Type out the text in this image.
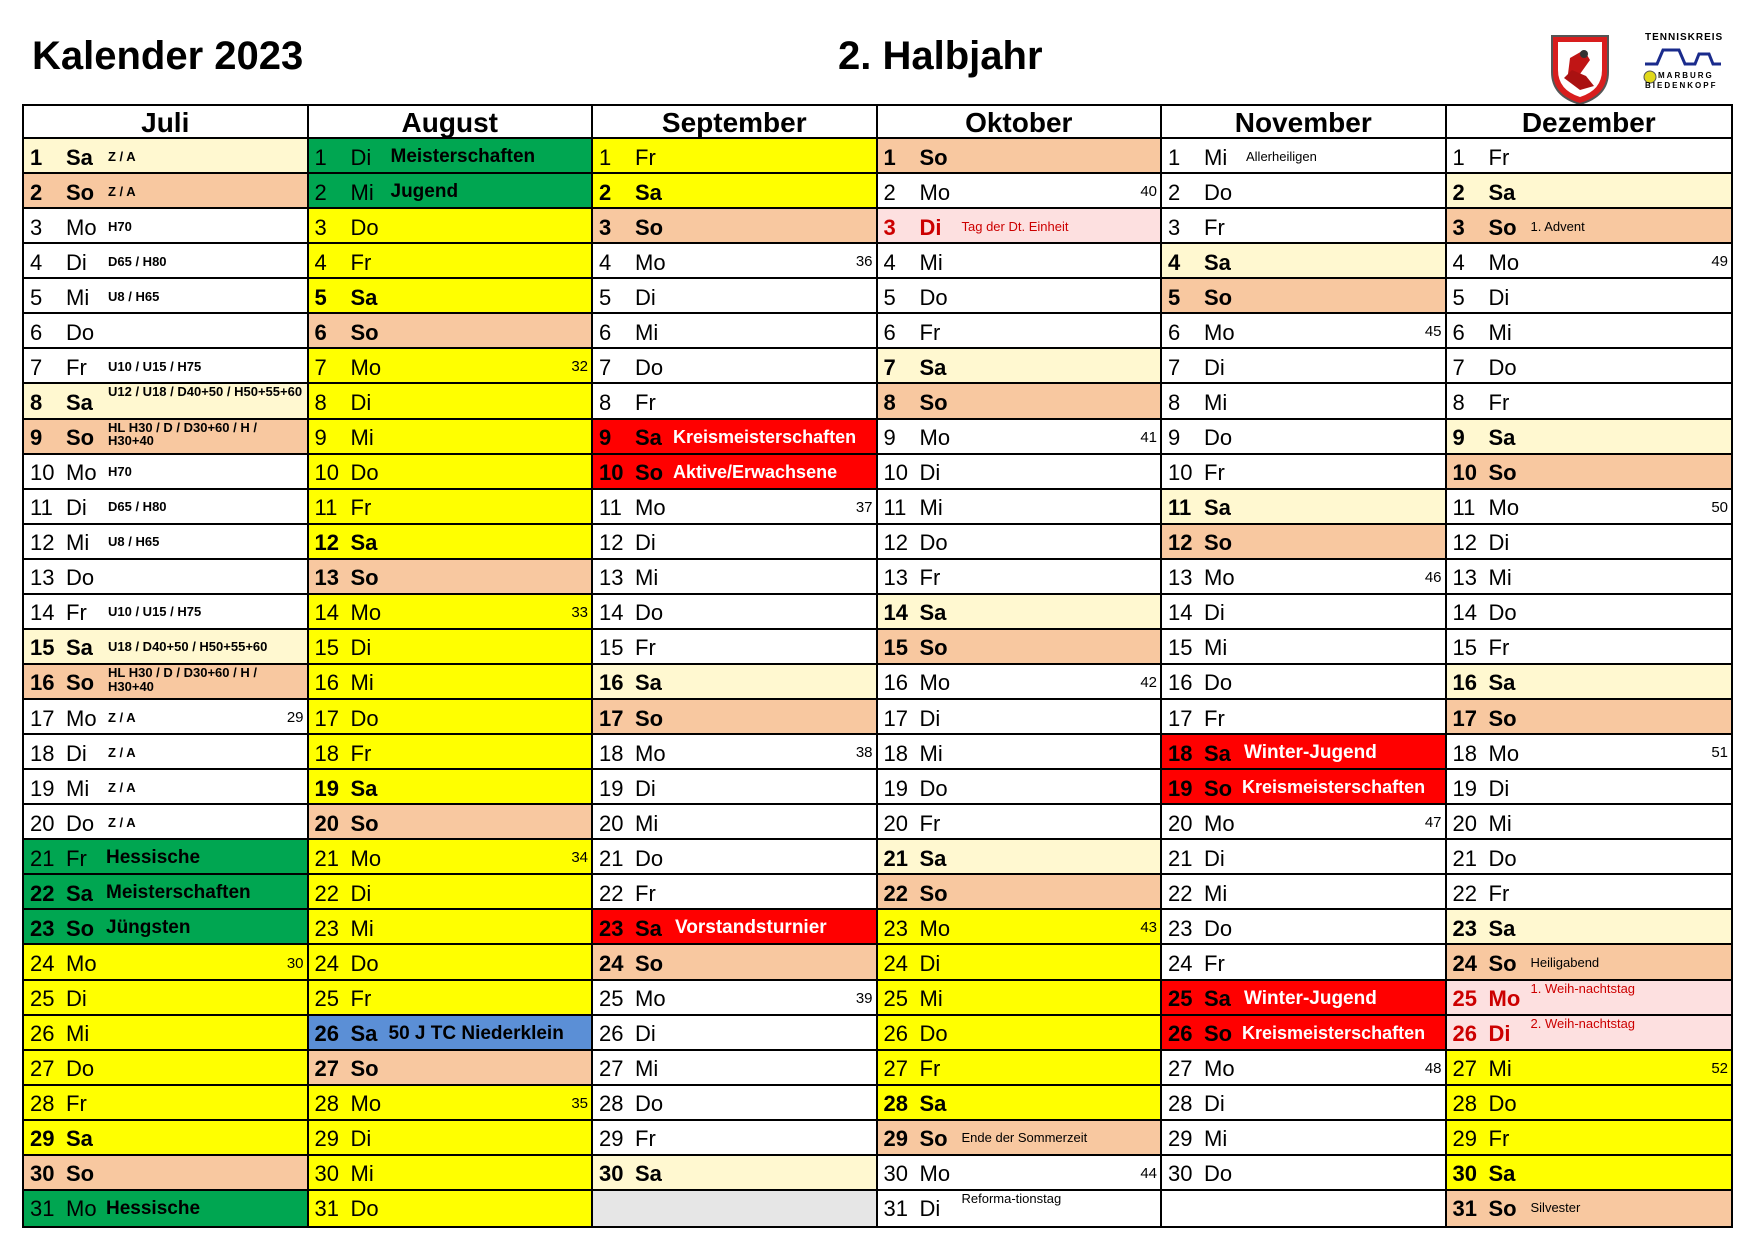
Kalender 2023	2. Halbjahr	TENNISKREIS
MARBURG
BIEDENKOPF
Juli
1 Sa Z / A
2 So Z / A
3 Mo H70
4 Di D65 / H80
5 Mi U8 / H65
6 Do
7 Fr U10 / U15 / H75
8 Sa U12 / U18 / D40+50 / H50+55+60
9 So HL H30 / D / D30+60 / H / H30+40
10 Mo H70
11 Di D65 / H80
12 Mi U8 / H65
13 Do
14 Fr U10 / U15 / H75
15 Sa U18 / D40+50 / H50+55+60
16 So HL H30 / D / D30+60 / H / H30+40
17 Mo Z / A	29
18 Di Z / A
19 Mi Z / A
20 Do Z / A
21 Fr Hessische
22 Sa Meisterschaften
23 So Jüngsten
24 Mo	30
25 Di
26 Mi
27 Do
28 Fr
29 Sa
30 So
31 Mo Hessische
August
1 Di Meisterschaften
2 Mi Jugend
3 Do
4 Fr
5 Sa
6 So
7 Mo	32
8 Di
9 Mi
10 Do
11 Fr
12 Sa
13 So
14 Mo	33
15 Di
16 Mi
17 Do
18 Fr
19 Sa
20 So
21 Mo	34
22 Di
23 Mi
24 Do
25 Fr
26 Sa 50 J TC Niederklein
27 So
28 Mo	35
29 Di
30 Mi
31 Do
September
1 Fr
2 Sa
3 So
4 Mo	36
5 Di
6 Mi
7 Do
8 Fr
9 Sa Kreismeisterschaften
10 So Aktive/Erwachsene
11 Mo	37
12 Di
13 Mi
14 Do
15 Fr
16 Sa
17 So
18 Mo	38
19 Di
20 Mi
21 Do
22 Fr
23 Sa Vorstandsturnier
24 So
25 Mo	39
26 Di
27 Mi
28 Do
29 Fr
30 Sa
Oktober
1 So
2 Mo	40
3 Di Tag der Dt. Einheit
4 Mi
5 Do
6 Fr
7 Sa
8 So
9 Mo	41
10 Di
11 Mi
12 Do
13 Fr
14 Sa
15 So
16 Mo	42
17 Di
18 Mi
19 Do
20 Fr
21 Sa
22 So
23 Mo	43
24 Di
25 Mi
26 Do
27 Fr
28 Sa
29 So Ende der Sommerzeit
30 Mo	44
31 Di Reforma-tionstag
November
1 Mi Allerheiligen
2 Do
3 Fr
4 Sa
5 So
6 Mo	45
7 Di
8 Mi
9 Do
10 Fr
11 Sa
12 So
13 Mo	46
14 Di
15 Mi
16 Do
17 Fr
18 Sa Winter-Jugend
19 So Kreismeisterschaften
20 Mo	47
21 Di
22 Mi
23 Do
24 Fr
25 Sa Winter-Jugend
26 So Kreismeisterschaften
27 Mo	48
28 Di
29 Mi
30 Do
Dezember
1 Fr
2 Sa
3 So 1. Advent
4 Mo	49
5 Di
6 Mi
7 Do
8 Fr
9 Sa
10 So
11 Mo	50
12 Di
13 Mi
14 Do
15 Fr
16 Sa
17 So
18 Mo	51
19 Di
20 Mi
21 Do
22 Fr
23 Sa
24 So Heiligabend
25 Mo 1. Weih-nachtstag
26 Di 2. Weih-nachtstag
27 Mi	52
28 Do
29 Fr
30 Sa
31 So Silvester
